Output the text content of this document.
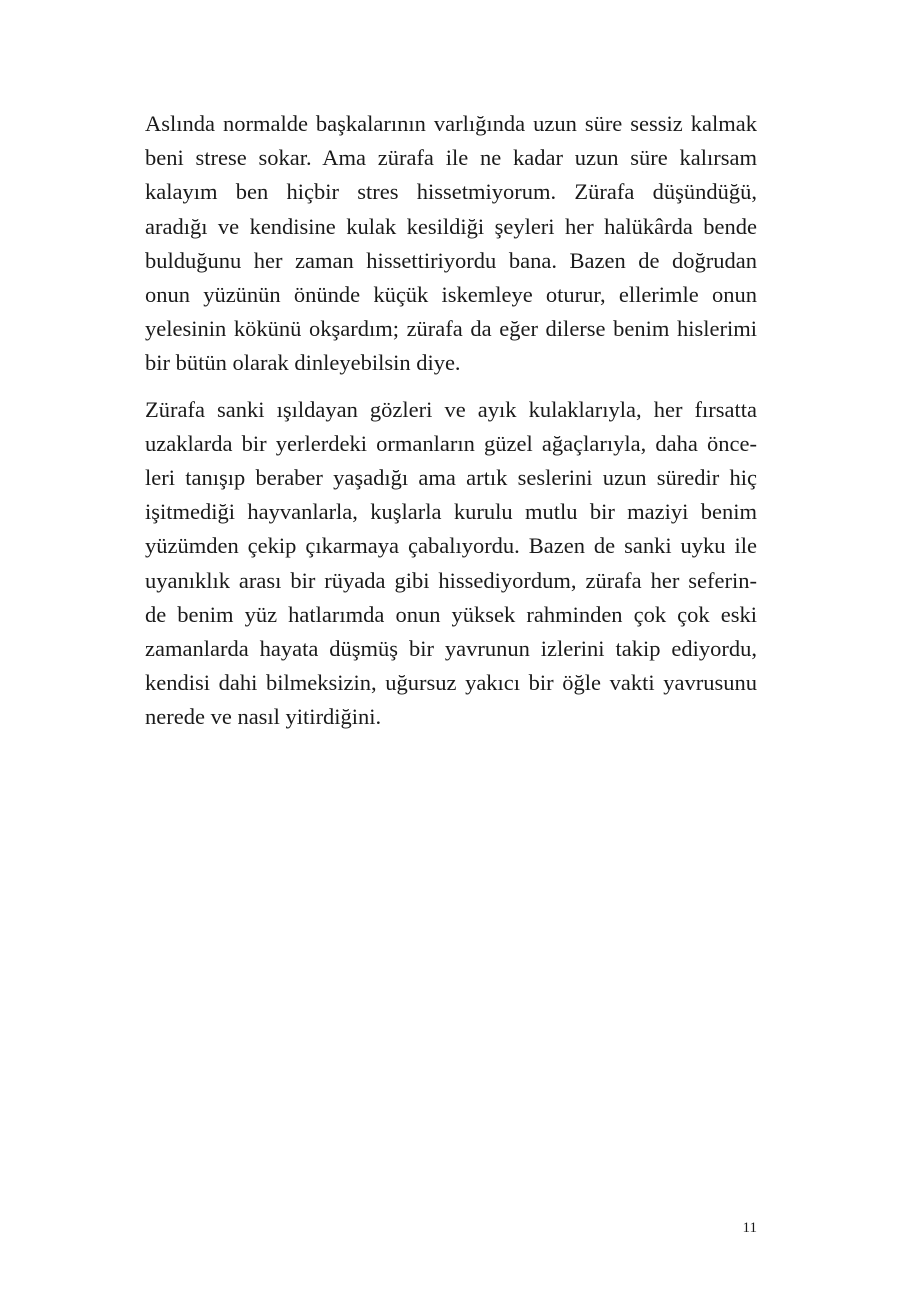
Aslında normalde başkalarının varlığında uzun süre sessiz kalmak
beni strese sokar. Ama zürafa ile ne kadar uzun süre kalırsam
kalayım ben hiçbir stres hissetmiyorum. Zürafa düşündüğü,
aradığı ve kendisine kulak kesildiği şeyleri her halükârda bende
bulduğunu her zaman hissettiriyordu bana. Bazen de doğrudan
onun yüzünün önünde küçük iskemleye oturur, ellerimle onun
yelesinin kökünü okşardım; zürafa da eğer dilerse benim hislerimi
bir bütün olarak dinleyebilsin diye.
Zürafa sanki ışıldayan gözleri ve ayık kulaklarıyla, her fırsatta
uzaklarda bir yerlerdeki ormanların güzel ağaçlarıyla, daha önce-
leri tanışıp beraber yaşadığı ama artık seslerini uzun süredir hiç
işitmediği hayvanlarla, kuşlarla kurulu mutlu bir maziyi benim
yüzümden çekip çıkarmaya çabalıyordu. Bazen de sanki uyku ile
uyanıklık arası bir rüyada gibi hissediyordum, zürafa her seferin-
de benim yüz hatlarımda onun yüksek rahminden çok çok eski
zamanlarda hayata düşmüş bir yavrunun izlerini takip ediyordu,
kendisi dahi bilmeksizin, uğursuz yakıcı bir öğle vakti yavrusunu
nerede ve nasıl yitirdiğini.
11
